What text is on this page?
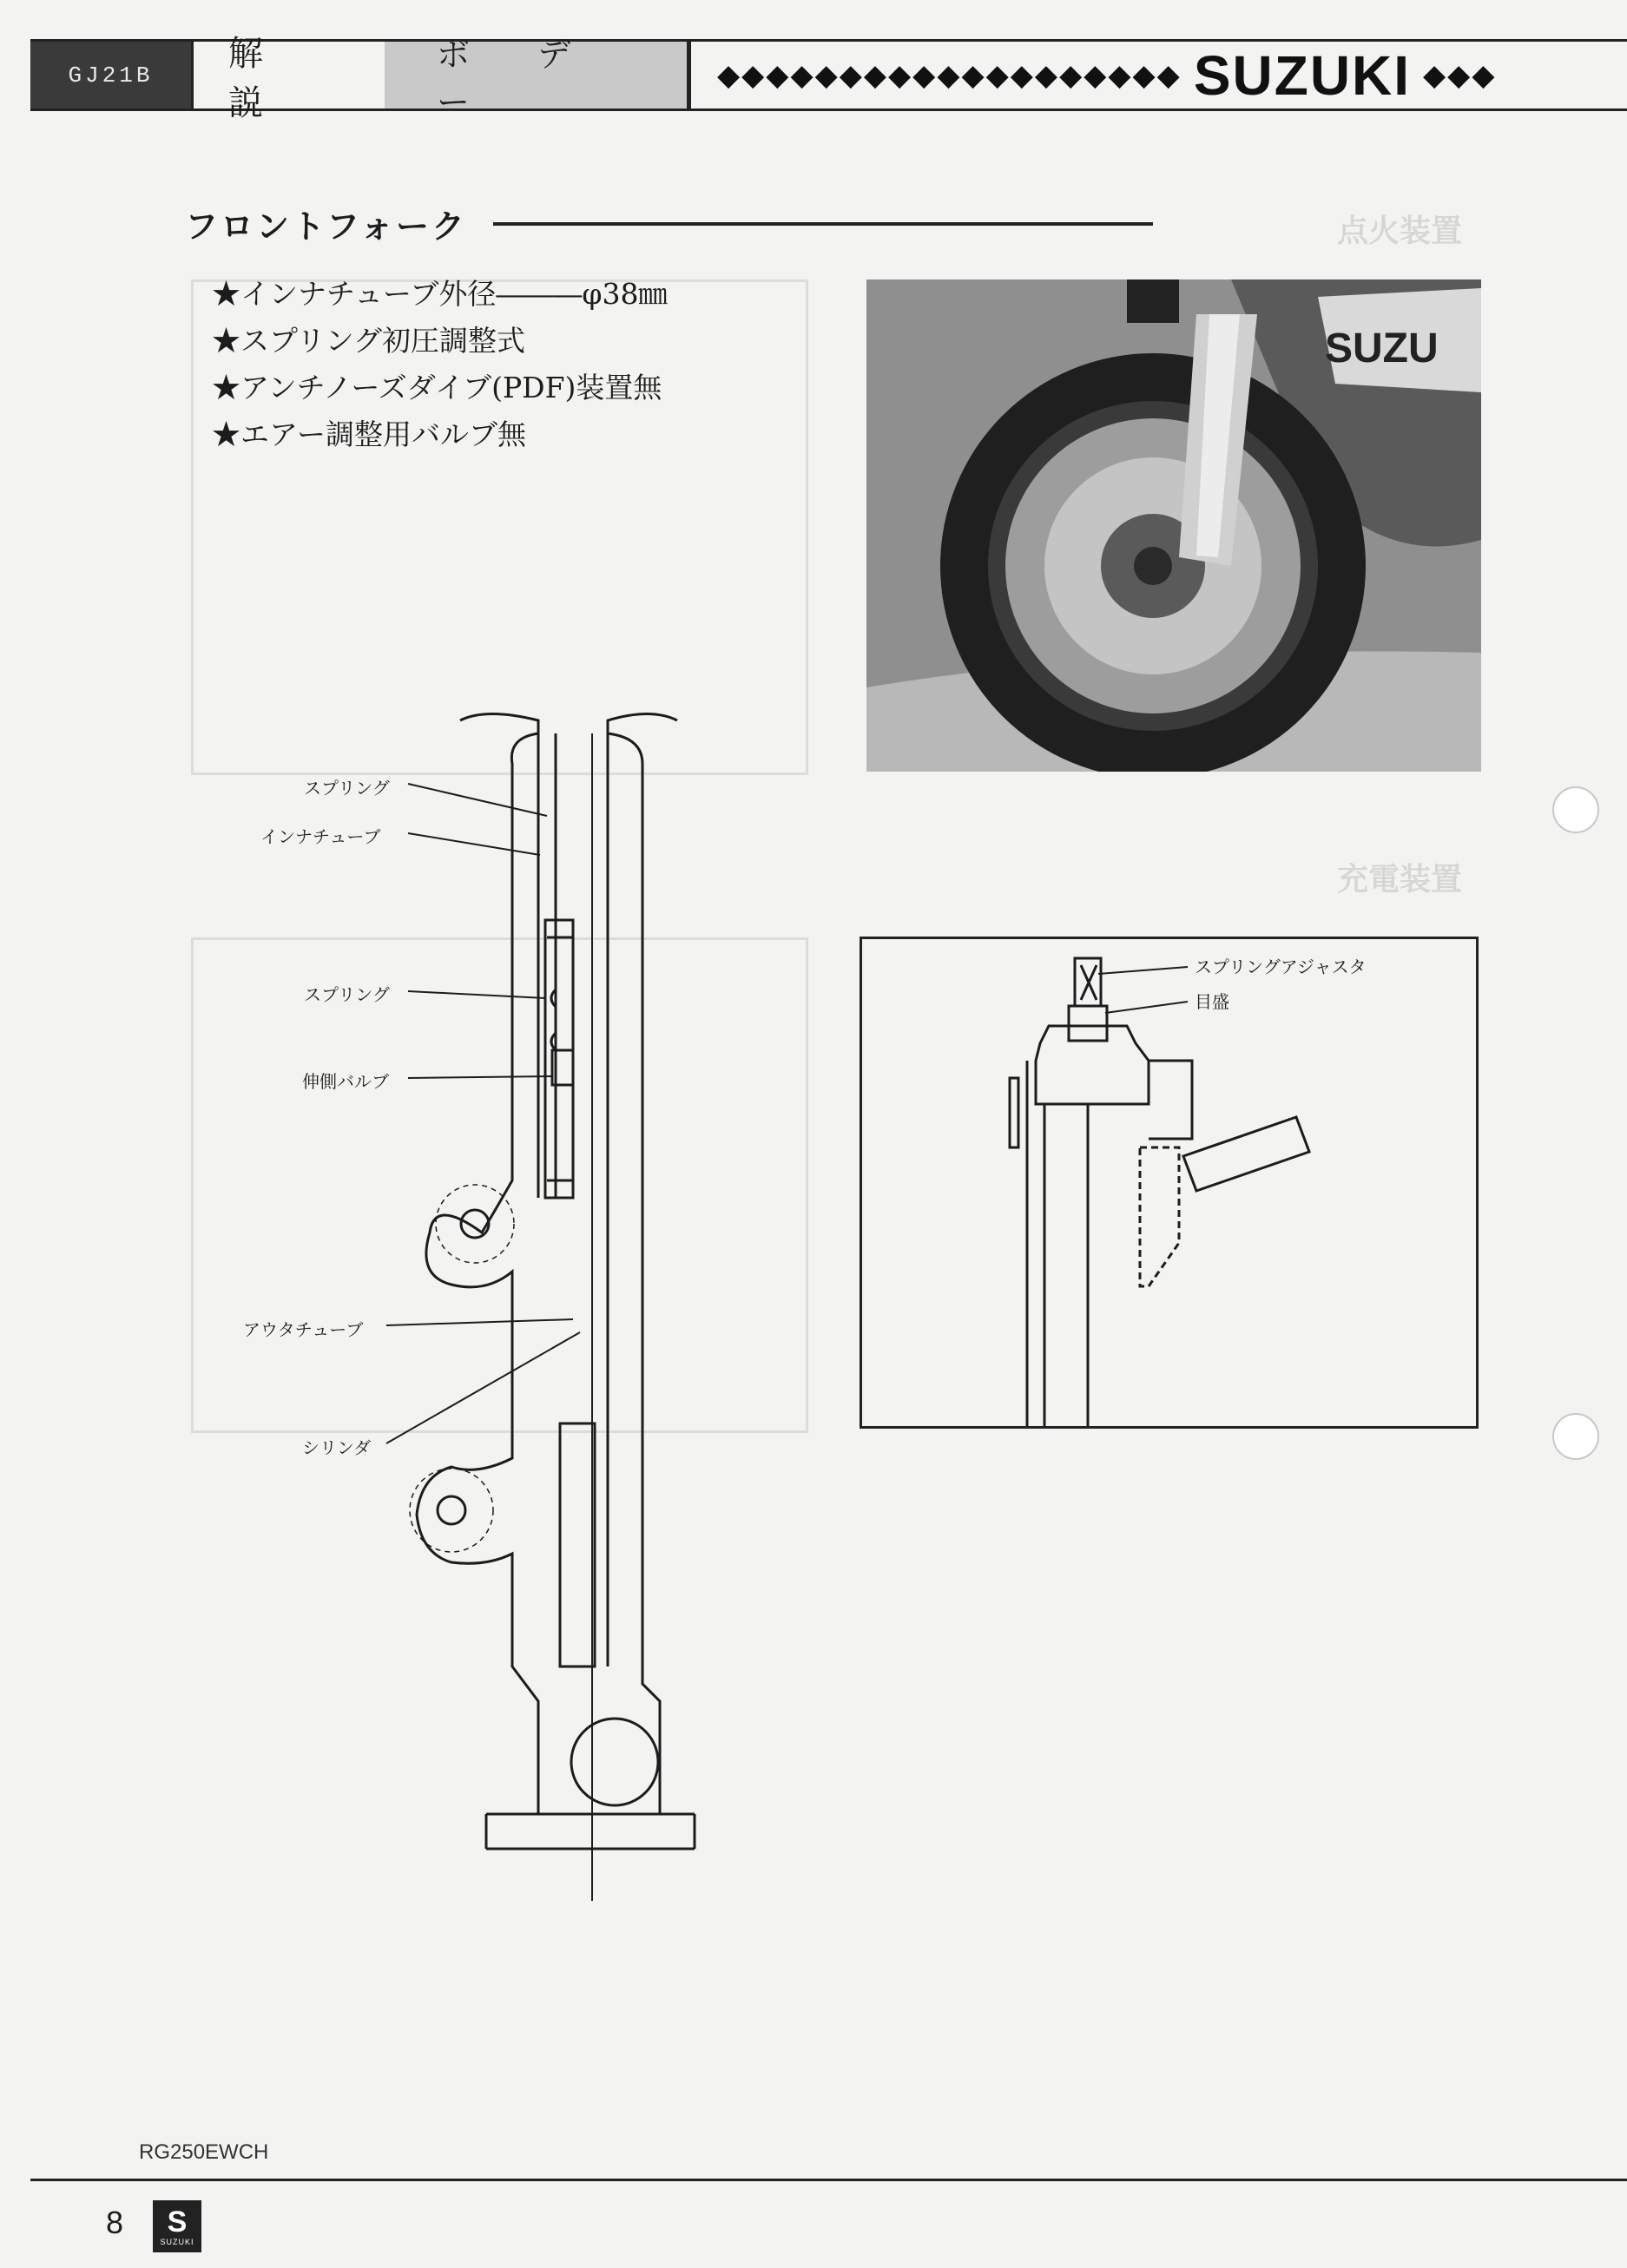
GJ21B
解説
ボデー
◆◆◆◆◆◆◆◆◆◆◆◆◆◆◆◆◆◆◆ SUZUKI ◆◆◆
点火装置
充電装置
フロントフォーク
★インナチューブ外径―――φ38㎜
★スプリング初圧調整式
★アンチノーズダイブ(PDF)装置無
★エアー調整用バルブ無
SUZU
スプリング
インナチューブ
スプリング
伸側バルブ
アウタチューブ
シリンダ
スプリングアジャスタ
目盛
RG250EWCH
8 S
SUZUKI
